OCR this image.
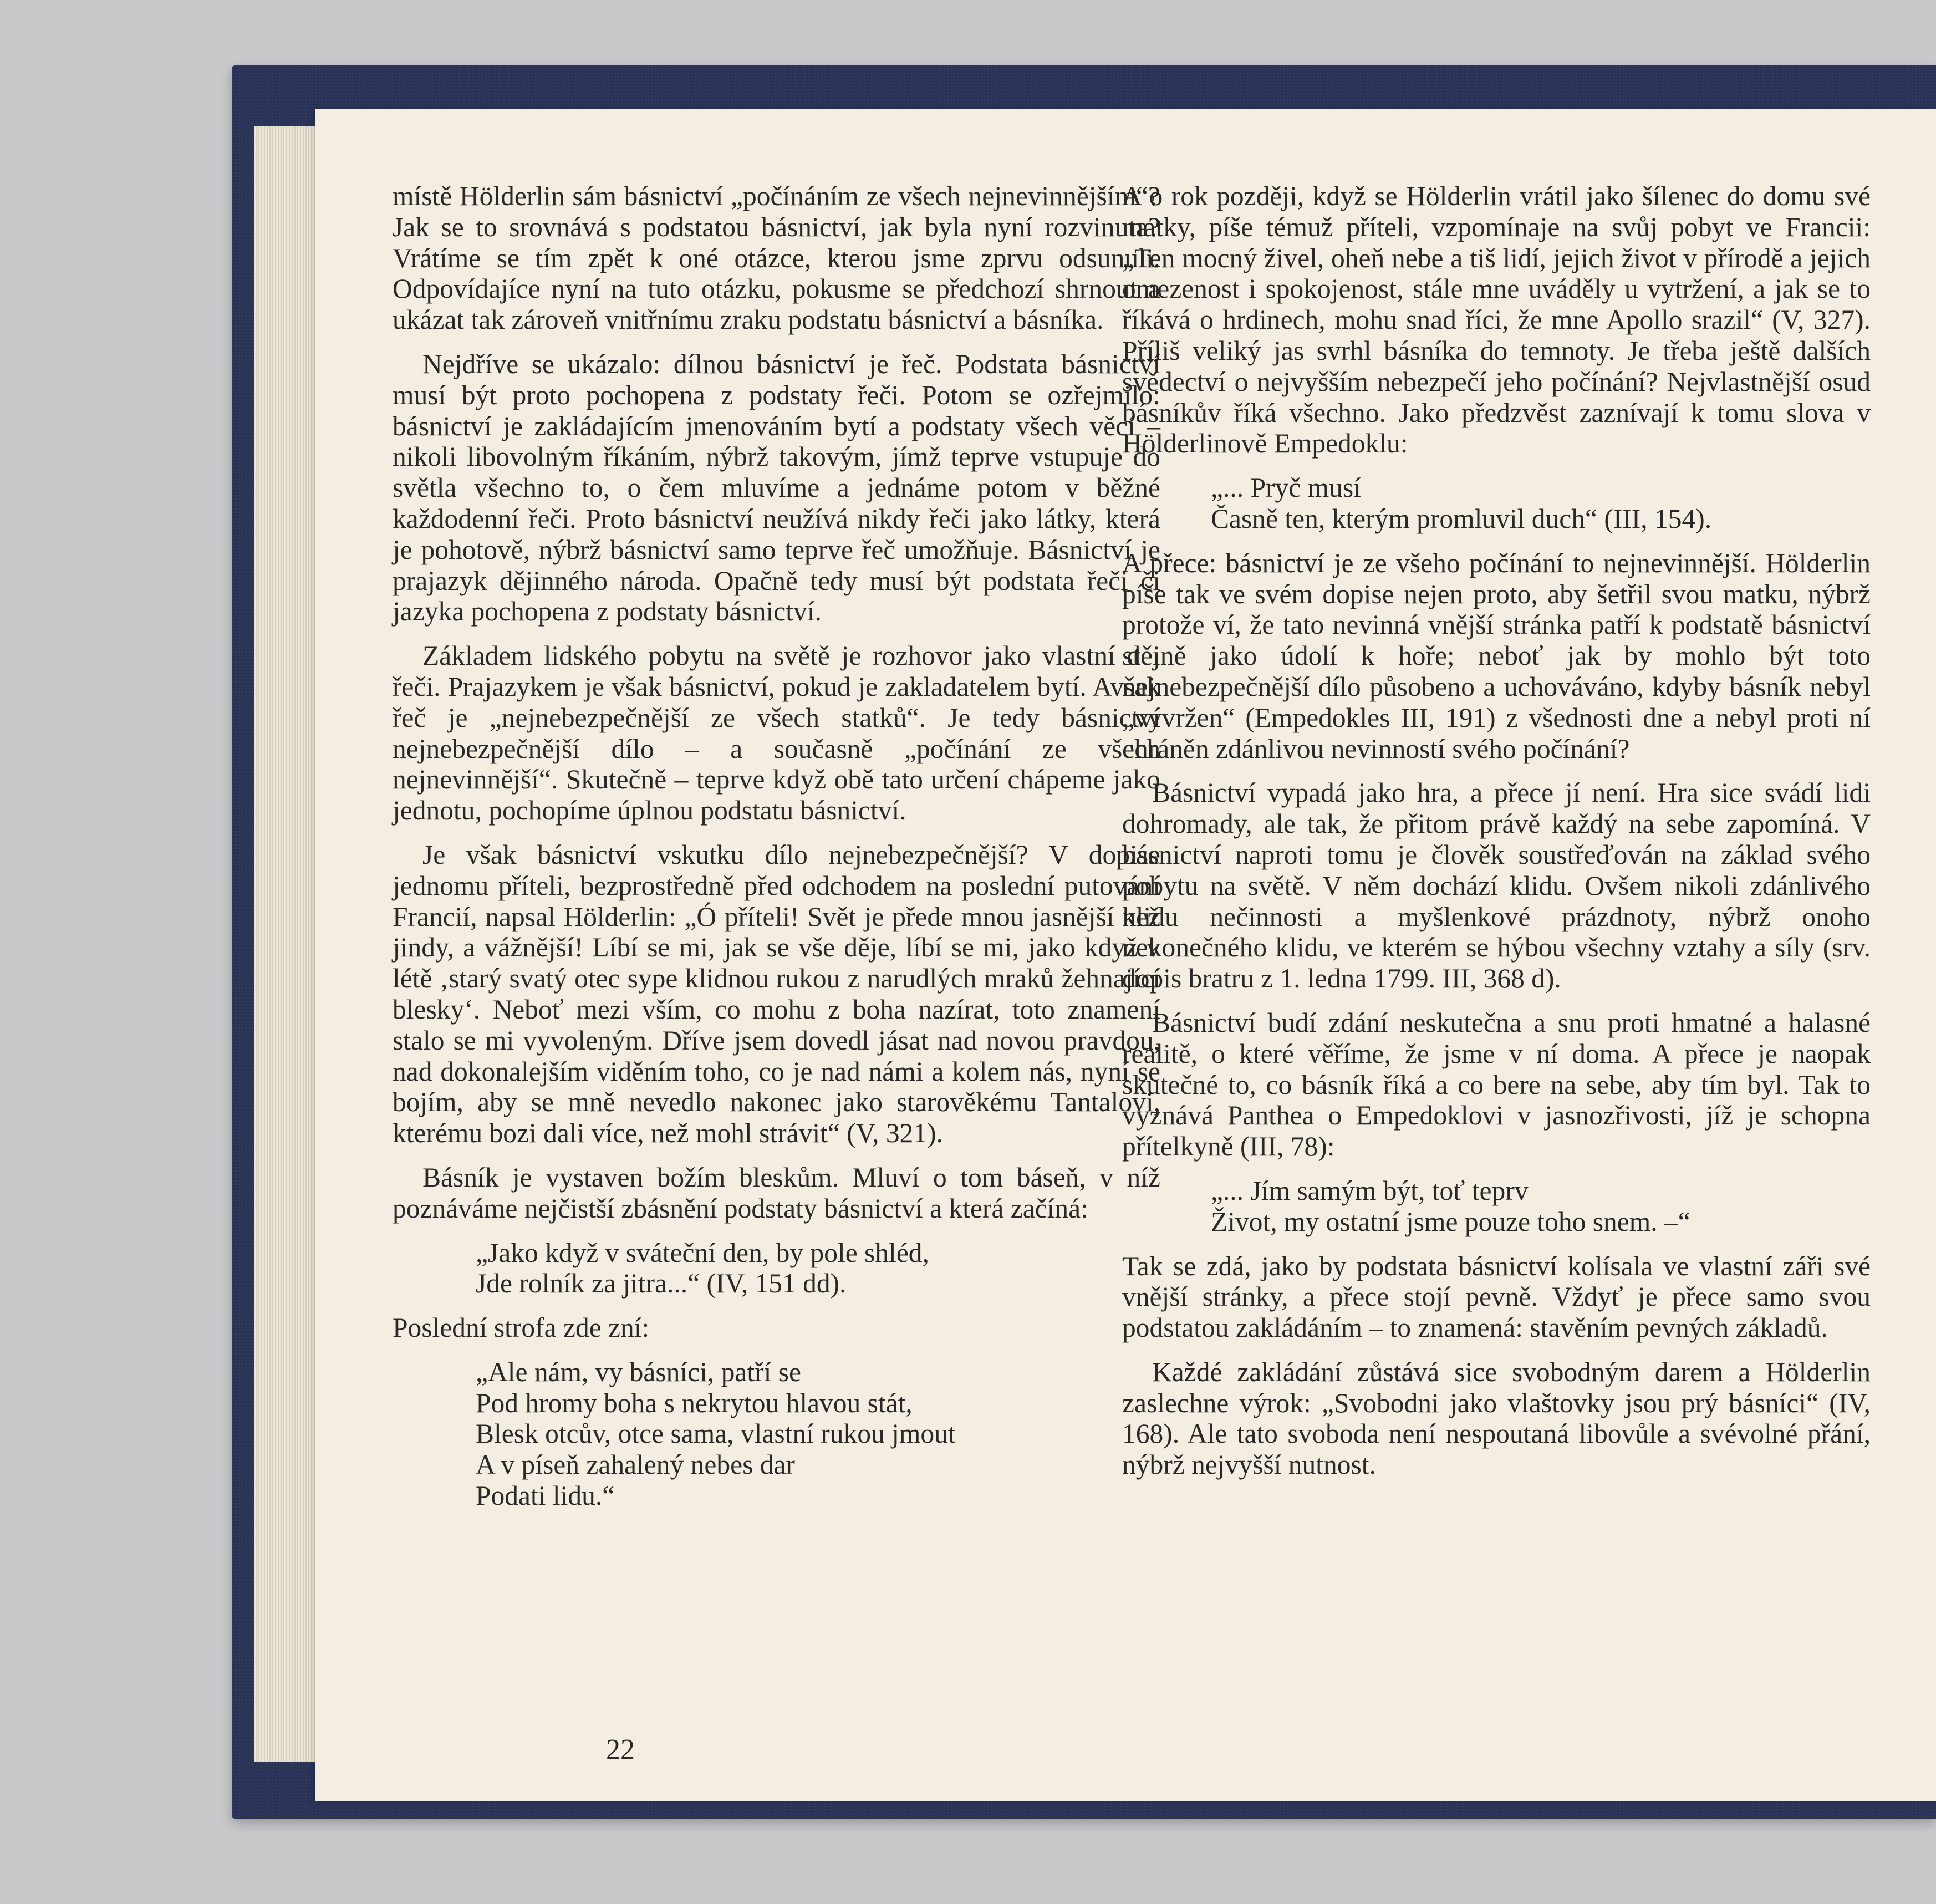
místě Hölderlin sám básnictví „počínáním ze všech nejnevinnějším“? Jak se to srovnává s podstatou básnictví, jak byla nyní rozvinuta? Vrátíme se tím zpět k oné otázce, kterou jsme zprvu odsunuli. Odpovídajíce nyní na tuto otázku, pokusme se předchozí shrnout a ukázat tak zároveň vnitřnímu zraku podstatu básnictví a básníka.

Nejdříve se ukázalo: dílnou básnictví je řeč. Podstata básnictví musí být proto pochopena z podstaty řeči. Potom se ozřejmilo: básnictví je zakládajícím jmenováním bytí a podstaty všech věcí – nikoli libovolným říkáním, nýbrž takovým, jímž teprve vstupuje do světla všechno to, o čem mluvíme a jednáme potom v běžné každodenní řeči. Proto básnictví neužívá nikdy řeči jako látky, která je pohotově, nýbrž básnictví samo teprve řeč umožňuje. Básnictví je prajazyk dějinného národa. Opačně tedy musí být podstata řeči či jazyka pochopena z podstaty básnictví.

Základem lidského pobytu na světě je rozhovor jako vlastní děj řeči. Prajazykem je však básnictví, pokud je zakladatelem bytí. Avšak řeč je „nejnebezpečnější ze všech statků“. Je tedy básnictví nejnebezpečnější dílo – a současně „počínání ze všech nejnevinnější“. Skutečně – teprve když obě tato určení chápeme jako jednotu, pochopíme úplnou podstatu básnictví.

Je však básnictví vskutku dílo nejnebezpečnější? V dopise jednomu příteli, bezprostředně před odchodem na poslední putování Francií, napsal Hölderlin: „Ó příteli! Svět je přede mnou jasnější než jindy, a vážnější! Líbí se mi, jak se vše děje, líbí se mi, jako když v létě ‚starý svatý otec sype klidnou rukou z narudlých mraků žehnající blesky‘. Neboť mezi vším, co mohu z boha nazírat, toto znamení stalo se mi vyvoleným. Dříve jsem dovedl jásat nad novou pravdou, nad dokonalejším viděním toho, co je nad námi a kolem nás, nyní se bojím, aby se mně nevedlo nakonec jako starověkému Tantalovi, kterému bozi dali více, než mohl strávit“ (V, 321).

Básník je vystaven božím bleskům. Mluví o tom báseň, v níž poznáváme nejčistší zbásnění podstaty básnictví a která začíná:

„Jako když v sváteční den, by pole shléd,
Jde rolník za jitra...“ (IV, 151 dd).

Poslední strofa zde zní:

„Ale nám, vy básníci, patří se
Pod hromy boha s nekrytou hlavou stát,
Blesk otcův, otce sama, vlastní rukou jmout
A v píseň zahalený nebes dar
Podati lidu.“

A o rok později, když se Hölderlin vrátil jako šílenec do domu své matky, píše témuž příteli, vzpomínaje na svůj pobyt ve Francii: „Ten mocný živel, oheň nebe a tiš lidí, jejich život v přírodě a jejich omezenost i spokojenost, stále mne uváděly u vytržení, a jak se to říkává o hrdinech, mohu snad říci, že mne Apollo srazil“ (V, 327). Příliš veliký jas svrhl básníka do temnoty. Je třeba ještě dalších svědectví o nejvyšším nebezpečí jeho počínání? Nejvlastnější osud básníkův říká všechno. Jako předzvěst zaznívají k tomu slova v Hölderlinově Empedoklu:

„... Pryč musí
Časně ten, kterým promluvil duch“ (III, 154).

A přece: básnictví je ze všeho počínání to nejnevinnější. Hölderlin píše tak ve svém dopise nejen proto, aby šetřil svou matku, nýbrž protože ví, že tato nevinná vnější stránka patří k podstatě básnictví steině jako údolí k hoře; neboť jak by mohlo být toto nejnebezpečnější dílo působeno a uchováváno, kdyby básník nebyl „vyvržen“ (Empedokles III, 191) z všednosti dne a nebyl proti ní chráněn zdánlivou nevinností svého počínání?

Básnictví vypadá jako hra, a přece jí není. Hra sice svádí lidi dohromady, ale tak, že přitom právě každý na sebe zapomíná. V básnictví naproti tomu je člověk soustřeďován na základ svého pobytu na světě. V něm dochází klidu. Ovšem nikoli zdánlivého klidu nečinnosti a myšlenkové prázdnoty, nýbrž onoho nekonečného klidu, ve kterém se hýbou všechny vztahy a síly (srv. dopis bratru z 1. ledna 1799. III, 368 d).

Básnictví budí zdání neskutečna a snu proti hmatné a halasné realitě, o které věříme, že jsme v ní doma. A přece je naopak skutečné to, co básník říká a co bere na sebe, aby tím byl. Tak to vyznává Panthea o Empedoklovi v jasnozřivosti, jíž je schopna přítelkyně (III, 78):

„... Jím samým být, toť teprv
Život, my ostatní jsme pouze toho snem. –“

Tak se zdá, jako by podstata básnictví kolísala ve vlastní záři své vnější stránky, a přece stojí pevně. Vždyť je přece samo svou podstatou zakládáním – to znamená: stavěním pevných základů.

Každé zakládání zůstává sice svobodným darem a Hölderlin zaslechne výrok: „Svobodni jako vlaštovky jsou prý básníci“ (IV, 168). Ale tato svoboda není nespoutaná libovůle a svévolné přání, nýbrž nejvyšší nutnost.

22
